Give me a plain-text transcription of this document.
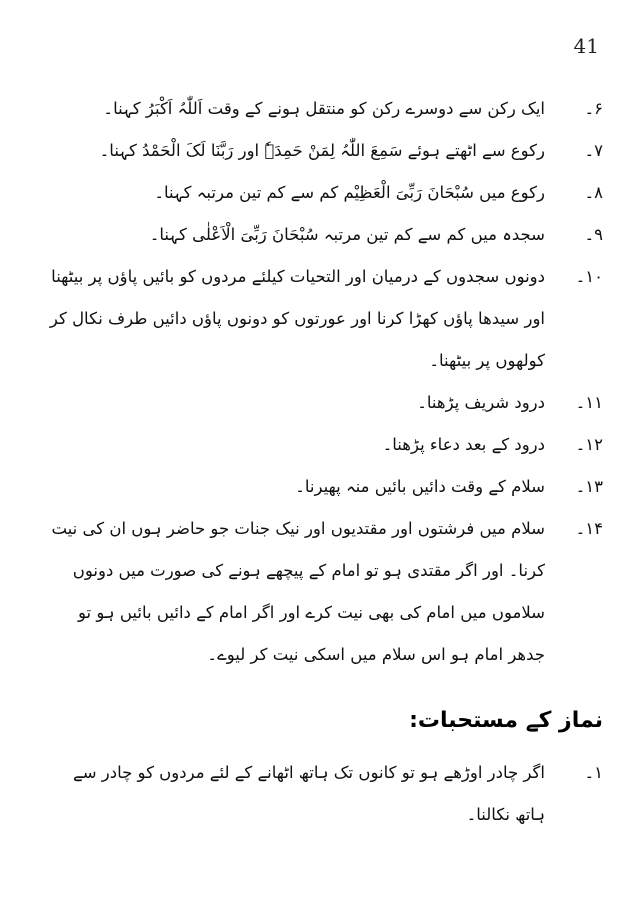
41
۶۔
ایک رکن سے دوسرے رکن کو منتقل ہونے کے وقت اَللّٰہُ اَکْبَرُ کہنا۔
۷۔
رکوع سے اٹھتے ہوئے سَمِعَ اللّٰہُ لِمَنْ حَمِدَہٗ اور رَبَّنَا لَکَ الْحَمْدُ کہنا۔
۸۔
رکوع میں سُبْحَانَ رَبِّیَ الْعَظِیْم کم سے کم تین مرتبہ کہنا۔
۹۔
سجدہ میں کم سے کم تین مرتبہ سُبْحَانَ رَبِّیَ الْاَعْلٰی کہنا۔
۱۰۔
دونوں سجدوں کے درمیان اور التحیات کیلئے مردوں کو بائیں پاؤں پر بیٹھنا اور سیدھا پاؤں کھڑا کرنا اور عورتوں کو دونوں پاؤں دائیں طرف نکال کر کولھوں پر بیٹھنا۔
۱۱۔
درود شریف پڑھنا۔
۱۲۔
درود کے بعد دعاء پڑھنا۔
۱۳۔
سلام کے وقت دائیں بائیں منہ پھیرنا۔
۱۴۔
سلام میں فرشتوں اور مقتدیوں اور نیک جنات جو حاضر ہوں ان کی نیت کرنا۔ اور اگر مقتدی ہو تو امام کے پیچھے ہونے کی صورت میں دونوں سلاموں میں امام کی بھی نیت کرے اور اگر امام کے دائیں بائیں ہو تو جدھر امام ہو اس سلام میں اسکی نیت کر لیوے۔
نماز کے مستحبات:
۱۔
اگر چادر اوڑھے ہو تو کانوں تک ہاتھ اٹھانے کے لئے مردوں کو چادر سے ہاتھ نکالنا۔
